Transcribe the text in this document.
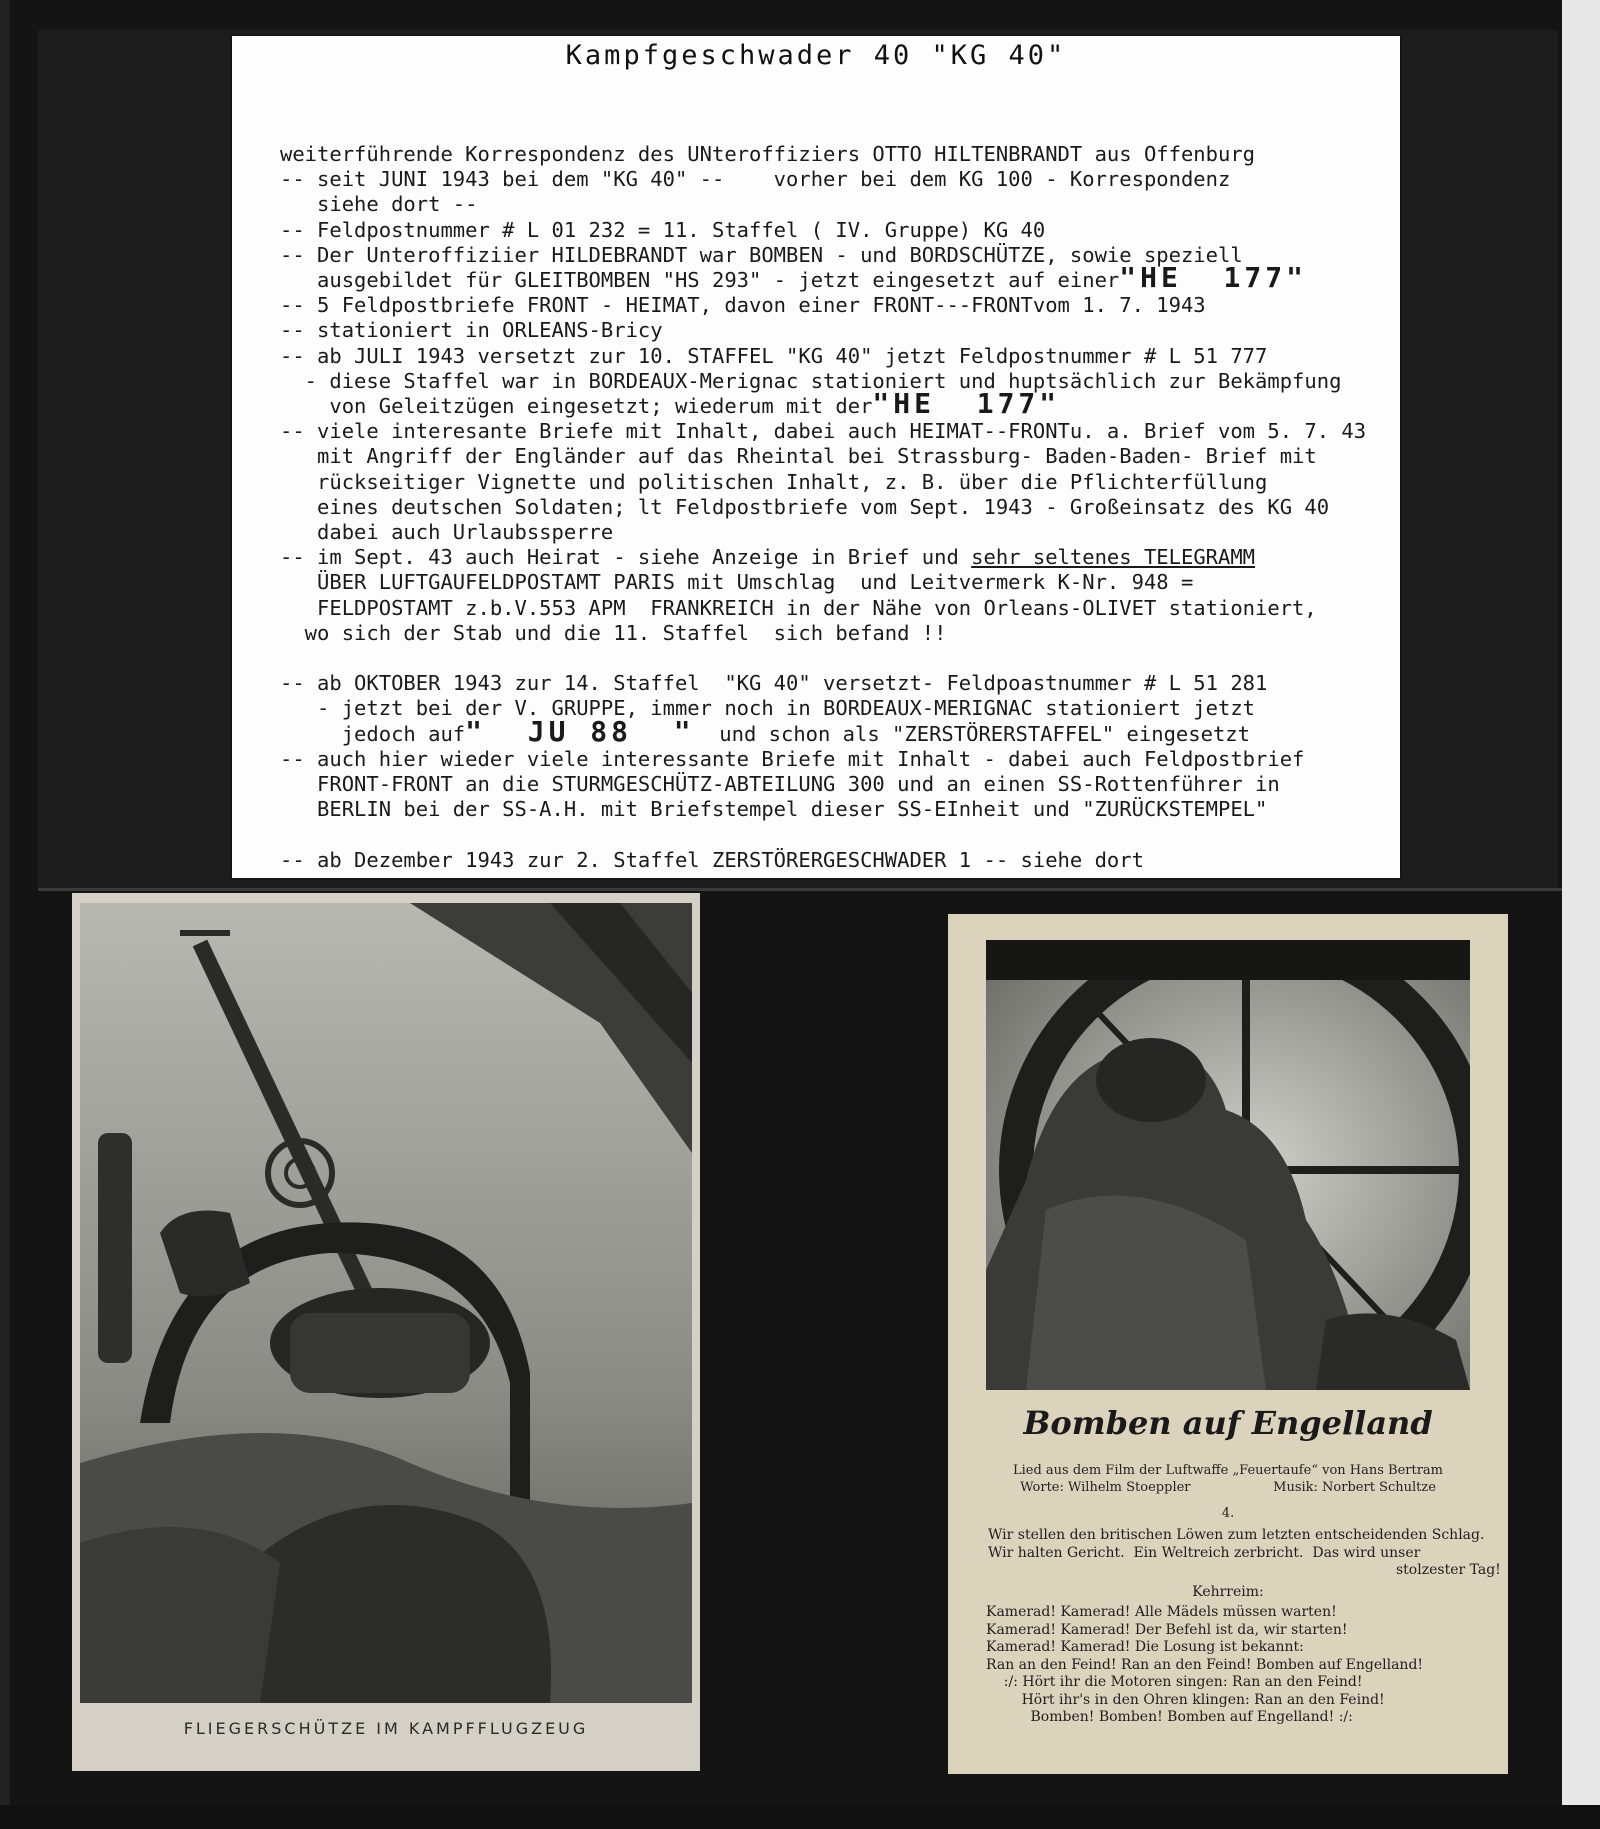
Kampfgeschwader 40 "KG 40"
weiterführende Korrespondenz des UNteroffiziers OTTO HILTENBRANDT aus Offenburg
-- seit JUNI 1943 bei dem "KG 40" --    vorher bei dem KG 100 - Korrespondenz
siehe dort --
-- Feldpostnummer # L 01 232 = 11. Staffel ( IV. Gruppe) KG 40
-- Der Unteroffiziier HILDEBRANDT war BOMBEN - und BORDSCHÜTZE, sowie speziell
ausgebildet für GLEITBOMBEN "HS 293" - jetzt eingesetzt auf einer"HE  177"
-- 5 Feldpostbriefe FRONT - HEIMAT, davon einer FRONT---FRONTvom 1. 7. 1943
-- stationiert in ORLEANS-Bricy
-- ab JULI 1943 versetzt zur 10. STAFFEL "KG 40" jetzt Feldpostnummer # L 51 777
- diese Staffel war in BORDEAUX-Merignac stationiert und huptsächlich zur Bekämpfung
von Geleitzügen eingesetzt; wiederum mit der"HE  177"
-- viele interesante Briefe mit Inhalt, dabei auch HEIMAT--FRONTu. a. Brief vom 5. 7. 43
mit Angriff der Engländer auf das Rheintal bei Strassburg- Baden-Baden- Brief mit
rückseitiger Vignette und politischen Inhalt, z. B. über die Pflichterfüllung
eines deutschen Soldaten; lt Feldpostbriefe vom Sept. 1943 - Großeinsatz des KG 40
dabei auch Urlaubssperre
-- im Sept. 43 auch Heirat - siehe Anzeige in Brief und sehr seltenes TELEGRAMM
ÜBER LUFTGAUFELDPOSTAMT PARIS mit Umschlag  und Leitvermerk K-Nr. 948 =
FELDPOSTAMT z.b.V.553 APM  FRANKREICH in der Nähe von Orleans-OLIVET stationiert,
wo sich der Stab und die 11. Staffel  sich befand !!

-- ab OKTOBER 1943 zur 14. Staffel  "KG 40" versetzt- Feldpoastnummer # L 51 281
- jetzt bei der V. GRUPPE, immer noch in BORDEAUX-MERIGNAC stationiert jetzt
jedoch auf"  JU 88  "  und schon als "ZERSTÖRERSTAFFEL" eingesetzt
-- auch hier wieder viele interessante Briefe mit Inhalt - dabei auch Feldpostbrief
FRONT-FRONT an die STURMGESCHÜTZ-ABTEILUNG 300 und an einen SS-Rottenführer in
BERLIN bei der SS-A.H. mit Briefstempel dieser SS-EInheit und "ZURÜCKSTEMPEL"

-- ab Dezember 1943 zur 2. Staffel ZERSTÖRERGESCHWADER 1 -- siehe dort
FLIEGERSCHÜTZE IM KAMPFFLUGZEUG
Bomben auf Engelland
Lied aus dem Film der Luftwaffe „Feuertaufe“ von Hans Bertram
Worte: Wilhelm Stoeppler                    Musik: Norbert Schultze
4.
Wir stellen den britischen Löwen zum letzten entscheidenden Schlag.
Wir halten Gericht.  Ein Weltreich zerbricht.  Das wird unser
stolzester Tag!
Kehrreim:
Kamerad! Kamerad! Alle Mädels müssen warten!
Kamerad! Kamerad! Der Befehl ist da, wir starten!
Kamerad! Kamerad! Die Losung ist bekannt:
Ran an den Feind! Ran an den Feind! Bomben auf Engelland!
:/: Hört ihr die Motoren singen: Ran an den Feind!
Hört ihr's in den Ohren klingen: Ran an den Feind!
Bomben! Bomben! Bomben auf Engelland! :/:
